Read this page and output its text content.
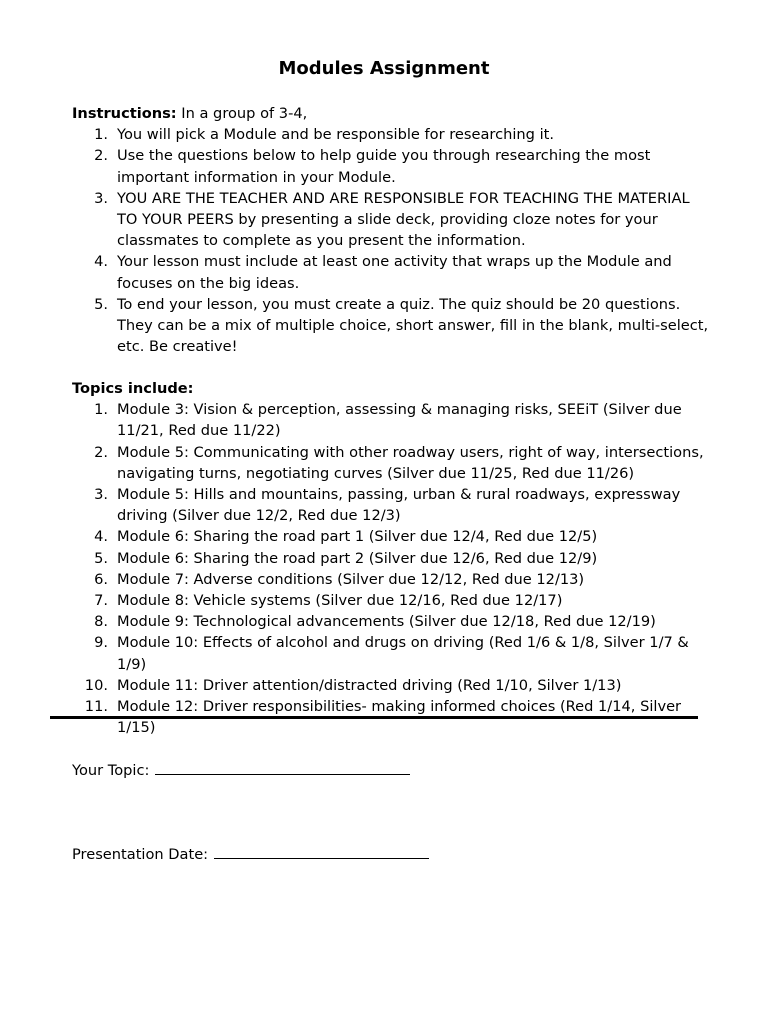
Modules Assignment
Instructions: In a group of 3-4,
1. You will pick a Module and be responsible for researching it.
2. Use the questions below to help guide you through researching the most important information in your Module.
3. YOU ARE THE TEACHER AND ARE RESPONSIBLE FOR TEACHING THE MATERIAL TO YOUR PEERS by presenting a slide deck, providing cloze notes for your classmates to complete as you present the information.
4. Your lesson must include at least one activity that wraps up the Module and focuses on the big ideas.
5. To end your lesson, you must create a quiz. The quiz should be 20 questions. They can be a mix of multiple choice, short answer, fill in the blank, multi-select, etc. Be creative!
Topics include:
1. Module 3: Vision & perception, assessing & managing risks, SEEiT (Silver due 11/21, Red due 11/22)
2. Module 5: Communicating with other roadway users, right of way, intersections, navigating turns, negotiating curves (Silver due 11/25, Red due 11/26)
3. Module 5: Hills and mountains, passing, urban & rural roadways, expressway driving (Silver due 12/2, Red due 12/3)
4. Module 6: Sharing the road part 1 (Silver due 12/4, Red due 12/5)
5. Module 6: Sharing the road part 2 (Silver due 12/6, Red due 12/9)
6. Module 7: Adverse conditions (Silver due 12/12, Red due 12/13)
7. Module 8: Vehicle systems (Silver due 12/16, Red due 12/17)
8. Module 9: Technological advancements (Silver due 12/18, Red due 12/19)
9. Module 10: Effects of alcohol and drugs on driving (Red 1/6 & 1/8, Silver 1/7 & 1/9)
10. Module 11: Driver attention/distracted driving (Red 1/10, Silver 1/13)
11. Module 12: Driver responsibilities- making informed choices (Red 1/14, Silver 1/15)
Your Topic:
Presentation Date:
